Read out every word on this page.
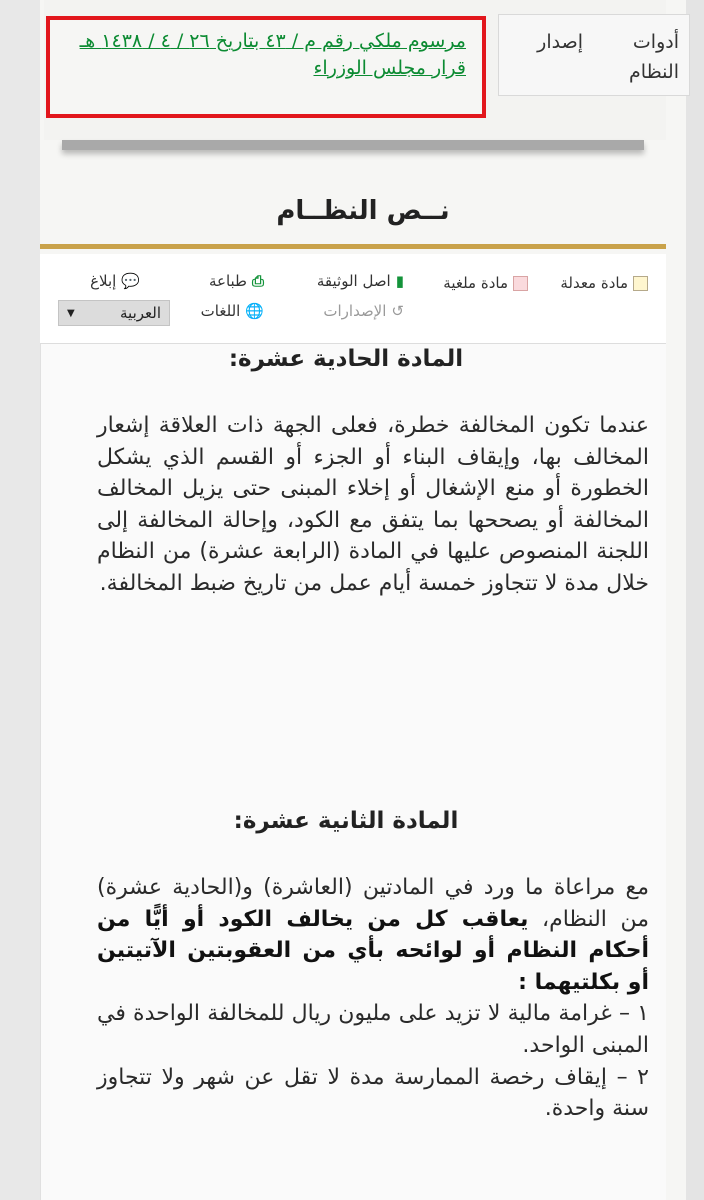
أدوات النظام
إصدار
مرسوم ملكي رقم م / ٤٣ بتاريخ ٢٦ / ٤ / ١٤٣٨ هـ
قرار مجلس الوزراء
نــص النظــام
مادة معدلة
مادة ملغية
▮
اصل الوثيقة
⎙
طباعة
💬
إبلاغ
↺
الإصدارات
🌐
اللغات
العربية
▼
المادة الحادية عشرة:
عندما تكون المخالفة خطرة، فعلى الجهة ذات العلاقة إشعار المخالف بها، وإيقاف البناء أو الجزء أو القسم الذي يشكل الخطورة أو منع الإشغال أو إخلاء المبنى حتى يزيل المخالف المخالفة أو يصححها بما يتفق مع الكود، وإحالة المخالفة إلى اللجنة المنصوص عليها في المادة (الرابعة عشرة) من النظام خلال مدة لا تتجاوز خمسة أيام عمل من تاريخ ضبط المخالفة.
المادة الثانية عشرة:
مع مراعاة ما ورد في المادتين (العاشرة) و(الحادية عشرة) من النظام، يعاقب كل من يخالف الكود أو أيًّا من أحكام النظام أو لوائحه بأي من العقوبتين الآتيتين أو بكلتيهما :
١ – غرامة مالية لا تزيد على مليون ريال للمخالفة الواحدة في المبنى الواحد.
٢ – إيقاف رخصة الممارسة مدة لا تقل عن شهر ولا تتجاوز سنة واحدة.
